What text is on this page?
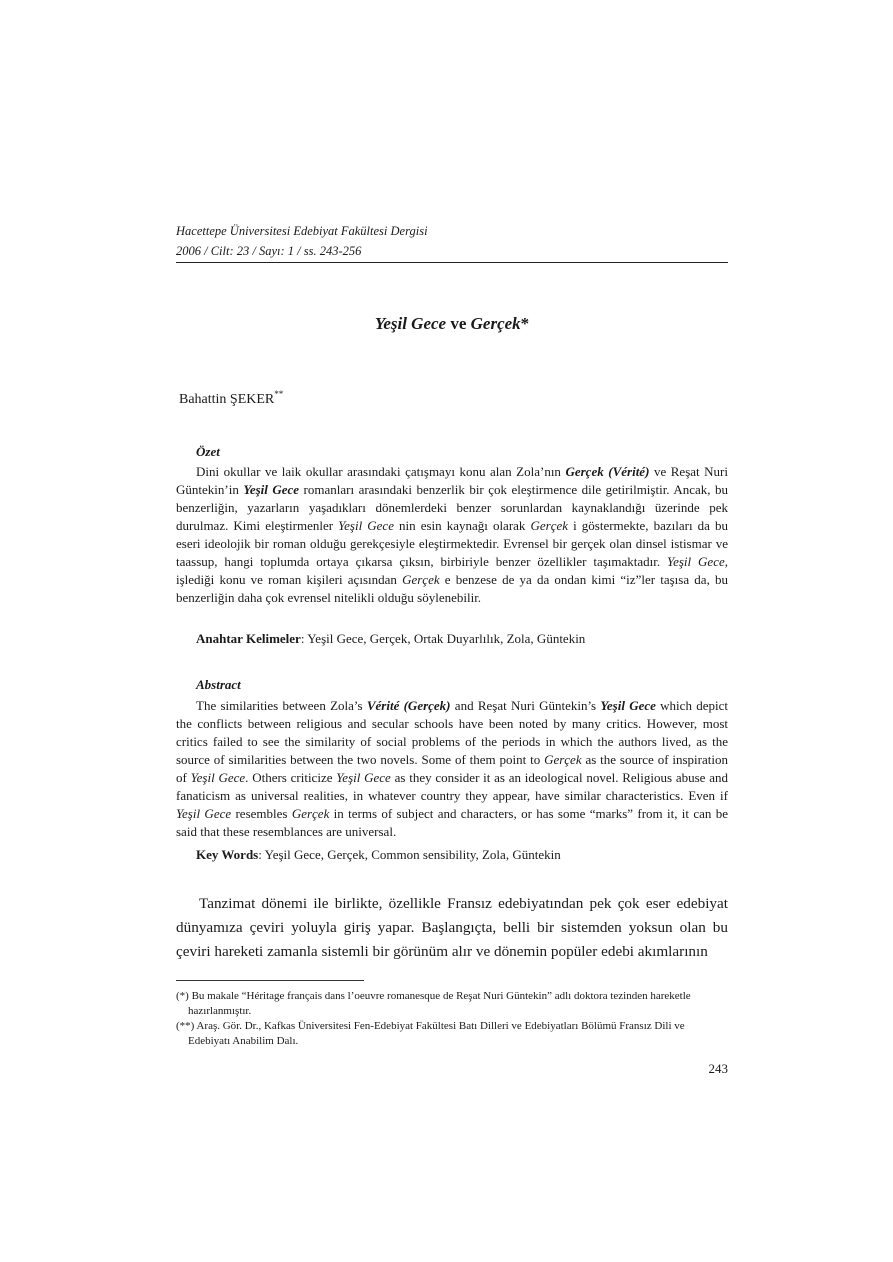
Hacettepe Üniversitesi Edebiyat Fakültesi Dergisi
2006 / Cilt: 23 / Sayı: 1 / ss. 243-256
Yeşil Gece ve Gerçek*
Bahattin ŞEKER**
Özet

Dini okullar ve laik okullar arasındaki çatışmayı konu alan Zola’nın Gerçek (Vérité) ve Reşat Nuri Güntekin’in Yeşil Gece romanları arasındaki benzerlik bir çok eleştirmence dile getirilmiştir. Ancak, bu benzerliğin, yazarların yaşadıkları dönemlerdeki benzer sorunlardan kaynaklandığı üzerinde pek durulmaz. Kimi eleştirmenler Yeşil Gece nin esin kaynağı olarak Gerçek i göstermekte, bazıları da bu eseri ideolojik bir roman olduğu gerekçesiyle eleştirmektedir. Evrensel bir gerçek olan dinsel istismar ve taassup, hangi toplumda ortaya çıkarsa çıksın, birbiriyle benzer özellikler taşımaktadır. Yeşil Gece, işlediği konu ve roman kişileri açısından Gerçek e benzese de ya da ondan kimi “iz”ler taşısa da, bu benzerliğin daha çok evrensel nitelikli olduğu söylenebilir.

Anahtar Kelimeler: Yeşil Gece, Gerçek, Ortak Duyarlılık, Zola, Güntekin
Abstract

The similarities between Zola’s Vérité (Gerçek) and Reşat Nuri Güntekin’s Yeşil Gece which depict the conflicts between religious and secular schools have been noted by many critics. However, most critics failed to see the similarity of social problems of the periods in which the authors lived, as the source of similarities between the two novels. Some of them point to Gerçek as the source of inspiration of Yeşil Gece. Others criticize Yeşil Gece as they consider it as an ideological novel. Religious abuse and fanaticism as universal realities, in whatever country they appear, have similar characteristics. Even if Yeşil Gece resembles Gerçek in terms of subject and characters, or has some “marks” from it, it can be said that these resemblances are universal.

Key Words: Yeşil Gece, Gerçek, Common sensibility, Zola, Güntekin

Tanzimat dönemi ile birlikte, özellikle Fransız edebiyatından pek çok eser edebiyat dünyamıza çeviri yoluyla giriş yapar. Başlangıçta, belli bir sistemden yoksun olan bu çeviri hareketi zamanla sistemli bir görünüm alır ve dönemin popüler edebi akımlarının

(*) Bu makale “Héritage français dans l’oeuvre romanesque de Reşat Nuri Güntekin” adlı doktora tezinden hareketle hazırlanmıştır.
(**) Araş. Gör. Dr., Kafkas Üniversitesi Fen-Edebiyat Fakültesi Batı Dilleri ve Edebiyatları Bölümü Fransız Dili ve Edebiyatı Anabilim Dalı.
243
